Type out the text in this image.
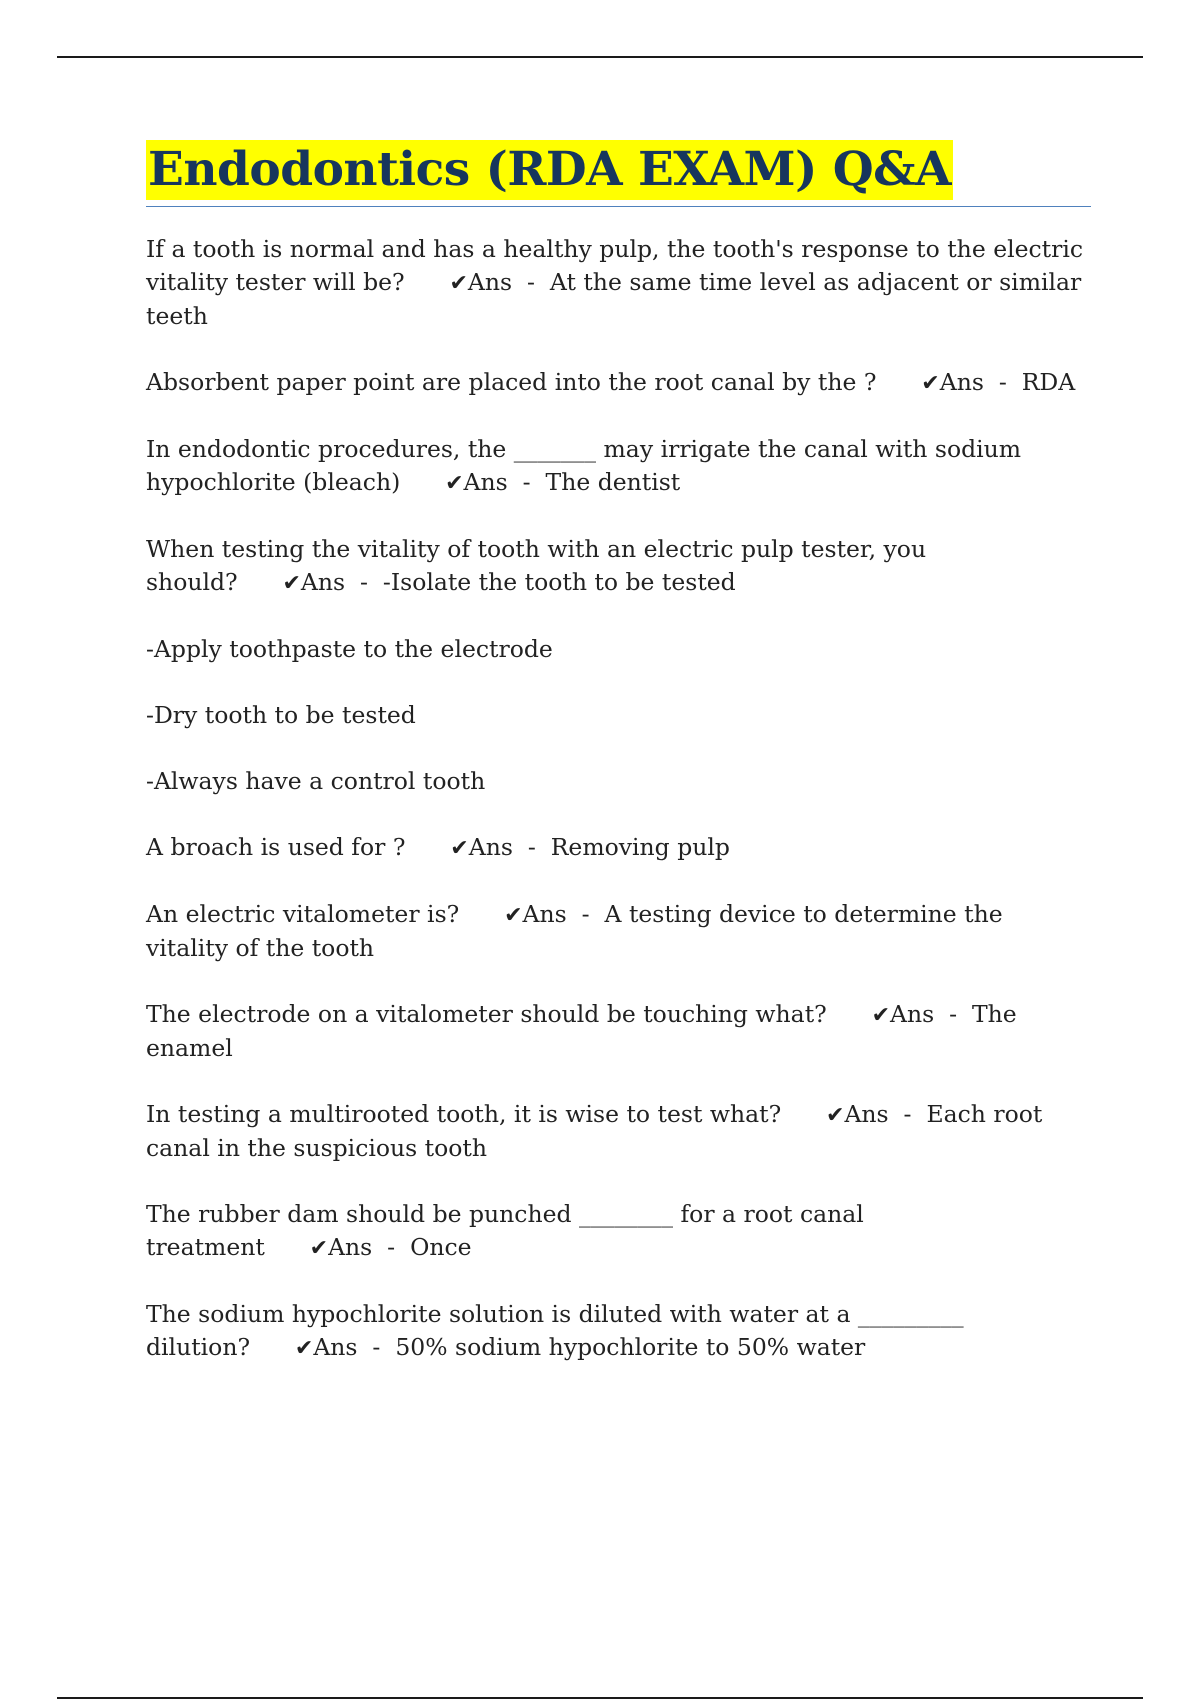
Endodontics (RDA EXAM) Q&A

If a tooth is normal and has a healthy pulp, the tooth's response to the electric vitality tester will be? ✔Ans  -  At the same time level as adjacent or similar teeth

Absorbent paper point are placed into the root canal by the ? ✔Ans  -  RDA

In endodontic procedures, the _______ may irrigate the canal with sodium hypochlorite (bleach) ✔Ans  -  The dentist

When testing the vitality of tooth with an electric pulp tester, you should? ✔Ans  -  -Isolate the tooth to be tested

-Apply toothpaste to the electrode

-Dry tooth to be tested

-Always have a control tooth

A broach is used for ? ✔Ans  -  Removing pulp

An electric vitalometer is? ✔Ans  -  A testing device to determine the vitality of the tooth

The electrode on a vitalometer should be touching what? ✔Ans  -  The enamel

In testing a multirooted tooth, it is wise to test what? ✔Ans  -  Each root canal in the suspicious tooth

The rubber dam should be punched ________ for a root canal treatment ✔Ans  -  Once

The sodium hypochlorite solution is diluted with water at a _________ dilution? ✔Ans  -  50% sodium hypochlorite to 50% water
